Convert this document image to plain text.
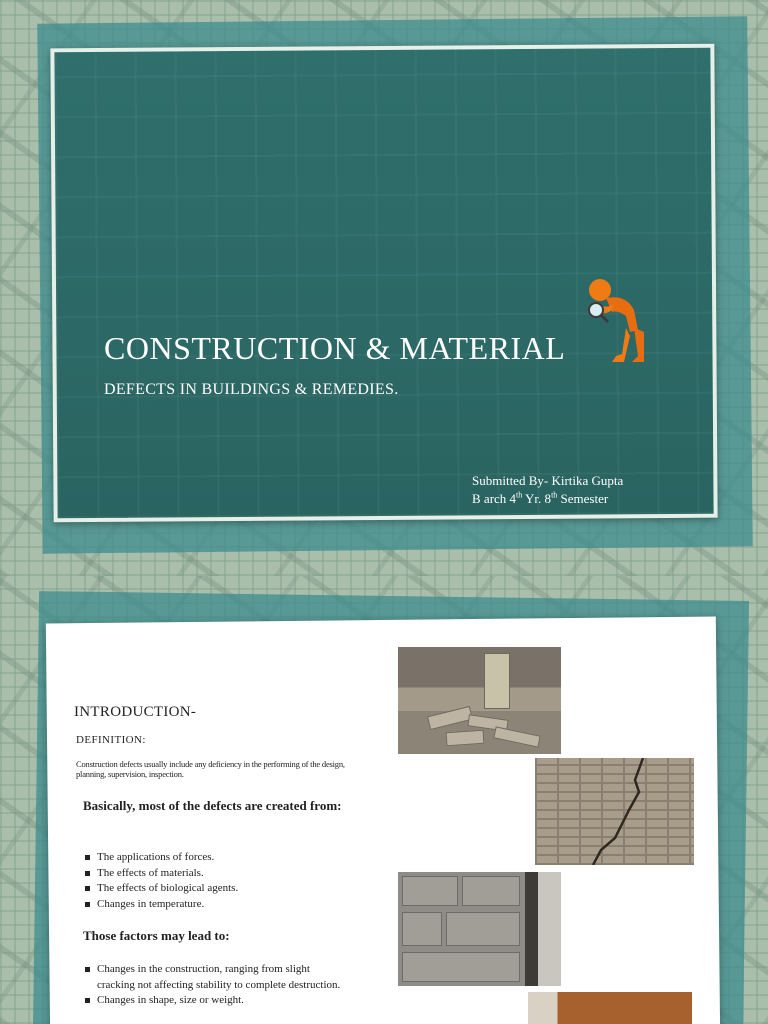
CONSTRUCTION & MATERIAL
DEFECTS IN BUILDINGS & REMEDIES.
Submitted By- Kirtika Gupta
B arch 4th Yr. 8th Semester
INTRODUCTION-
DEFINITION:
Construction defects usually include any deficiency in the performing of the design, planning, supervision, inspection.
Basically, most of the defects are created from:
The applications of forces.
The effects of materials.
The effects of biological agents.
Changes in temperature.
Those factors may lead to:
Changes in the construction, ranging from slight cracking not affecting stability to complete destruction.
Changes in shape, size or weight.
